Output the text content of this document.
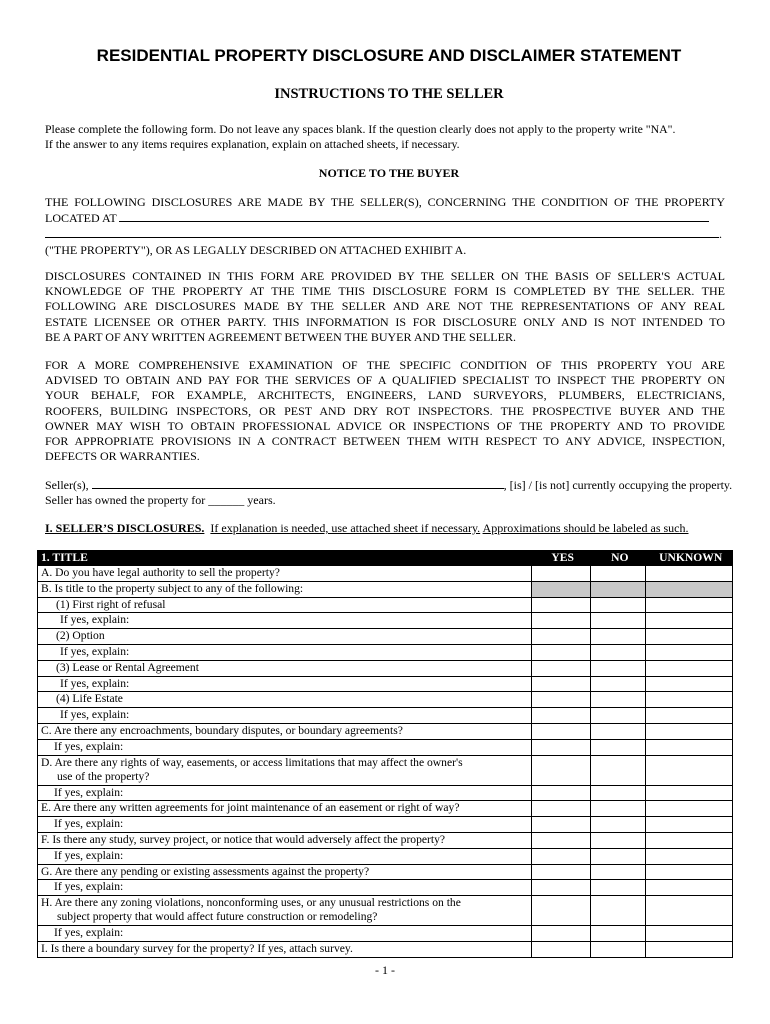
RESIDENTIAL PROPERTY DISCLOSURE AND DISCLAIMER STATEMENT
INSTRUCTIONS TO THE SELLER
Please complete the following form. Do not leave any spaces blank. If the question clearly does not apply to the property write "NA".
If the answer to any items requires explanation, explain on attached sheets, if necessary.
NOTICE TO THE BUYER
THE FOLLOWING DISCLOSURES ARE MADE BY THE SELLER(S), CONCERNING THE CONDITION OF THE PROPERTY
LOCATED AT
.
("THE PROPERTY"), OR AS LEGALLY DESCRIBED ON ATTACHED EXHIBIT A.
DISCLOSURES CONTAINED IN THIS FORM ARE PROVIDED BY THE SELLER ON THE BASIS OF SELLER'S ACTUAL
KNOWLEDGE OF THE PROPERTY AT THE TIME THIS DISCLOSURE FORM IS COMPLETED BY THE SELLER. THE
FOLLOWING ARE DISCLOSURES MADE BY THE SELLER AND ARE NOT THE REPRESENTATIONS OF ANY REAL
ESTATE LICENSEE OR OTHER PARTY. THIS INFORMATION IS FOR DISCLOSURE ONLY AND IS NOT INTENDED TO
BE A PART OF ANY WRITTEN AGREEMENT BETWEEN THE BUYER AND THE SELLER.
FOR A MORE COMPREHENSIVE EXAMINATION OF THE SPECIFIC CONDITION OF THIS PROPERTY YOU ARE
ADVISED TO OBTAIN AND PAY FOR THE SERVICES OF A QUALIFIED SPECIALIST TO INSPECT THE PROPERTY ON
YOUR BEHALF, FOR EXAMPLE, ARCHITECTS, ENGINEERS, LAND SURVEYORS, PLUMBERS, ELECTRICIANS,
ROOFERS, BUILDING INSPECTORS, OR PEST AND DRY ROT INSPECTORS. THE PROSPECTIVE BUYER AND THE
OWNER MAY WISH TO OBTAIN PROFESSIONAL ADVICE OR INSPECTIONS OF THE PROPERTY AND TO PROVIDE
FOR APPROPRIATE PROVISIONS IN A CONTRACT BETWEEN THEM WITH RESPECT TO ANY ADVICE, INSPECTION,
DEFECTS OR WARRANTIES.
Seller(s),	, [is] / [is not] currently occupying the property.
Seller has owned the property for ______ years.
I. SELLER’S DISCLOSURES. If explanation is needed, use attached sheet if necessary. Approximations should be labeled as such.
1. TITLE	YES	NO	UNKNOWN
A. Do you have legal authority to sell the property?			
B. Is title to the property subject to any of the following:			
(1) First right of refusal			
If yes, explain:			
(2) Option			
If yes, explain:			
(3) Lease or Rental Agreement			
If yes, explain:			
(4) Life Estate			
If yes, explain:			
C. Are there any encroachments, boundary disputes, or boundary agreements?			
If yes, explain:			
D. Are there any rights of way, easements, or access limitations that may affect the owner's
use of the property?			

If yes, explain:			
E. Are there any written agreements for joint maintenance of an easement or right of way?			
If yes, explain:			
F. Is there any study, survey project, or notice that would adversely affect the property?			
If yes, explain:			
G. Are there any pending or existing assessments against the property?			
If yes, explain:			
H. Are there any zoning violations, nonconforming uses, or any unusual restrictions on the
subject property that would affect future construction or remodeling?			

If yes, explain:			
I. Is there a boundary survey for the property? If yes, attach survey.			
- 1 -
